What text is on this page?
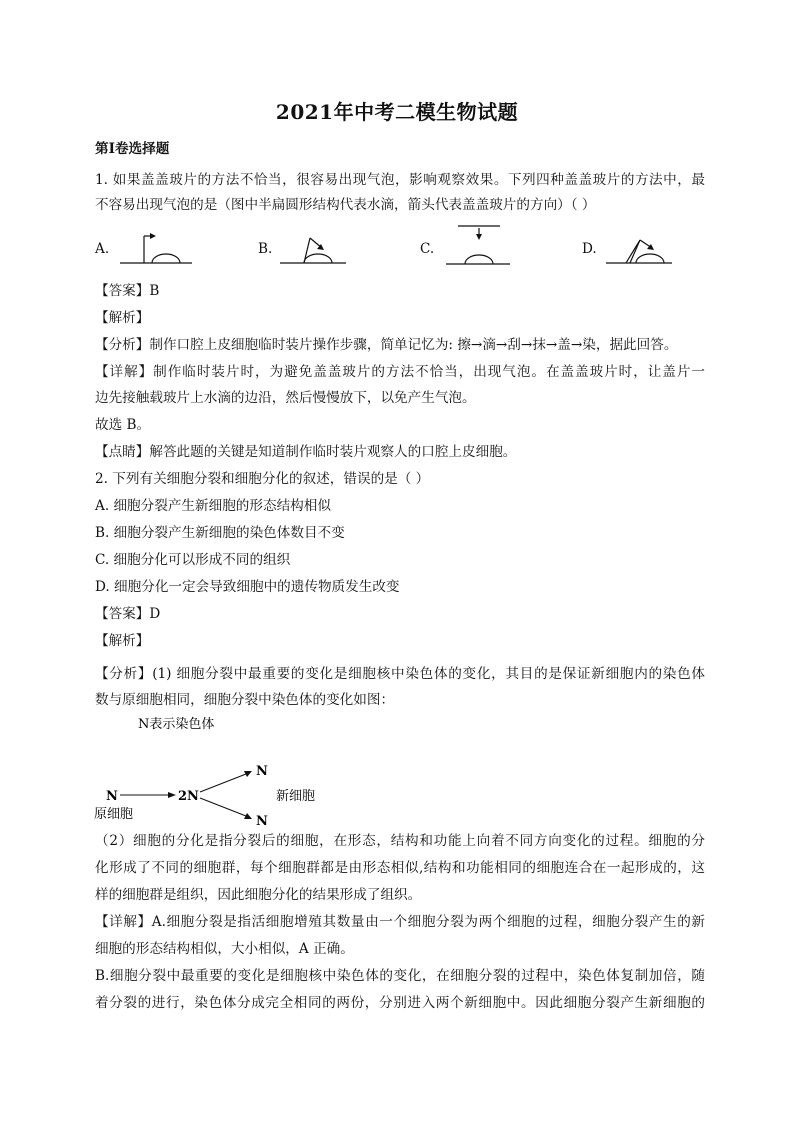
2021年中考二模生物试题
第Ⅰ卷选择题
1. 如果盖盖玻片的方法不恰当，很容易出现气泡，影响观察效果。下列四种盖盖玻片的方法中，最
不容易出现气泡的是（图中半扁圆形结构代表水滴，箭头代表盖盖玻片的方向）（ ）
A.	B.	C.	D.
【答案】B
【解析】
【分析】制作口腔上皮细胞临时装片操作步骤，简单记忆为: 擦→滴→刮→抹→盖→染，据此回答。
【详解】制作临时装片时，为避免盖盖玻片的方法不恰当，出现气泡。在盖盖玻片时，让盖片一
边先接触载玻片上水滴的边沿，然后慢慢放下，以免产生气泡。
故选 B。
【点睛】解答此题的关键是知道制作临时装片观察人的口腔上皮细胞。
2. 下列有关细胞分裂和细胞分化的叙述，错误的是（ ）
A. 细胞分裂产生新细胞的形态结构相似
B. 细胞分裂产生新细胞的染色体数目不变
C. 细胞分化可以形成不同的组织
D. 细胞分化一定会导致细胞中的遗传物质发生改变
【答案】D
【解析】
【分析】(1) 细胞分裂中最重要的变化是细胞核中染色体的变化，其目的是保证新细胞内的染色体
数与原细胞相同，细胞分裂中染色体的变化如图：
N表示染色体
N	2N
N
N
新细胞
原细胞
（2）细胞的分化是指分裂后的细胞，在形态，结构和功能上向着不同方向变化的过程。细胞的分
化形成了不同的细胞群，每个细胞群都是由形态相似,结构和功能相同的细胞连合在一起形成的，这
样的细胞群是组织，因此细胞分化的结果形成了组织。
【详解】A.细胞分裂是指活细胞增殖其数量由一个细胞分裂为两个细胞的过程，细胞分裂产生的新
细胞的形态结构相似，大小相似，A 正确。
B.细胞分裂中最重要的变化是细胞核中染色体的变化，在细胞分裂的过程中，染色体复制加倍，随
着分裂的进行，染色体分成完全相同的两份，分别进入两个新细胞中。因此细胞分裂产生新细胞的
